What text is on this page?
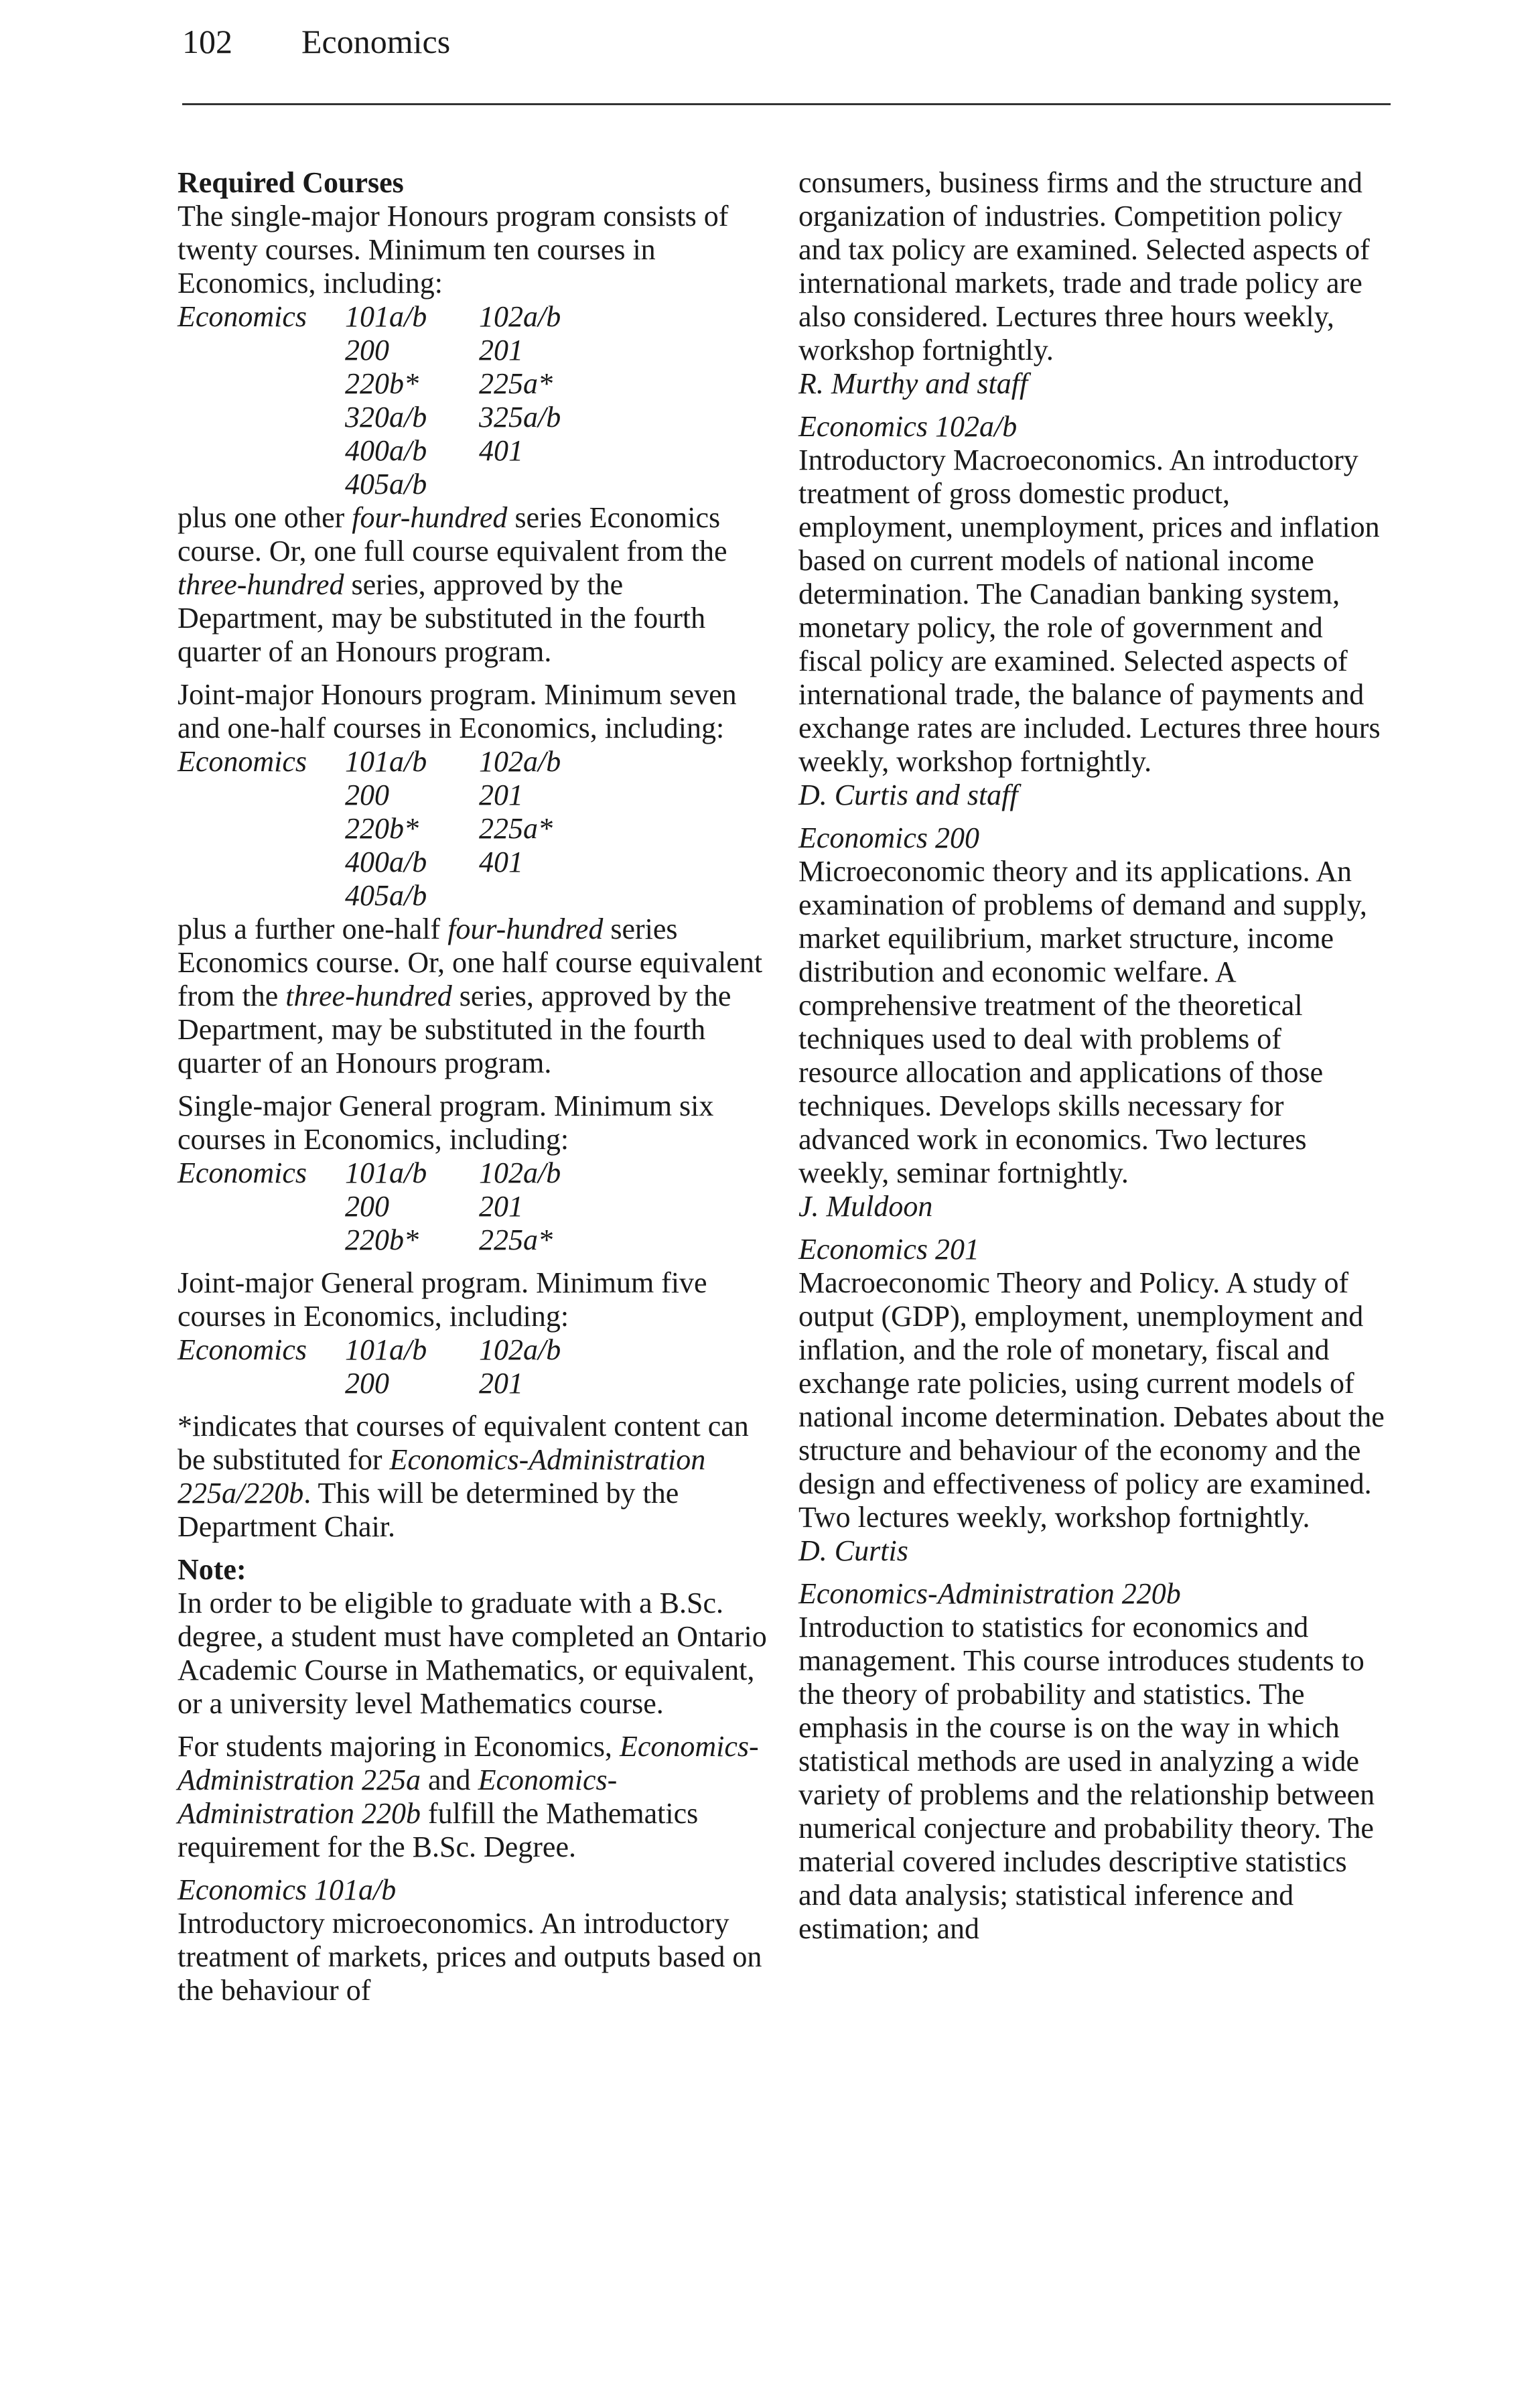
102 Economics
Required Courses

The single-major Honours program consists of twenty courses. Minimum ten courses in Economics, including:

Economics	101a/b	102a/b
	200	201
	220b*	225a*
	320a/b	325a/b
	400a/b	401
	405a/b	

plus one other four-hundred series Economics course. Or, one full course equivalent from the three-hundred series, approved by the Department, may be substituted in the fourth quarter of an Honours program.

Joint-major Honours program. Minimum seven and one-half courses in Economics, including:

Economics	101a/b	102a/b
	200	201
	220b*	225a*
	400a/b	401
	405a/b	

plus a further one-half four-hundred series Economics course. Or, one half course equivalent from the three-hundred series, approved by the Department, may be substituted in the fourth quarter of an Honours program.

Single-major General program. Minimum six courses in Economics, including:

Economics	101a/b	102a/b
	200	201
	220b*	225a*

Joint-major General program. Minimum five courses in Economics, including:

Economics	101a/b	102a/b
	200	201

*indicates that courses of equivalent content can be substituted for Economics-Administration 225a/220b. This will be determined by the Department Chair.

Note:

In order to be eligible to graduate with a B.Sc. degree, a student must have completed an Ontario Academic Course in Mathematics, or equivalent, or a university level Mathematics course.

For students majoring in Economics, Economics-Administration 225a and Economics-Administration 220b fulfill the Mathematics requirement for the B.Sc. Degree.

Economics 101a/b

Introductory microeconomics. An introductory treatment of markets, prices and outputs based on the behaviour of

consumers, business firms and the structure and organization of industries. Competition policy and tax policy are examined. Selected aspects of international markets, trade and trade policy are also considered. Lectures three hours weekly, workshop fortnightly.

R. Murthy and staff
Economics 102a/b

Introductory Macroeconomics. An introductory treatment of gross domestic product, employment, unemployment, prices and inflation based on current models of national income determination. The Canadian banking system, monetary policy, the role of government and fiscal policy are examined. Selected aspects of international trade, the balance of payments and exchange rates are included. Lectures three hours weekly, workshop fortnightly.

D. Curtis and staff
Economics 200

Microeconomic theory and its applications. An examination of problems of demand and supply, market equilibrium, market structure, income distribution and economic welfare. A comprehensive treatment of the theoretical techniques used to deal with problems of resource allocation and applications of those techniques. Develops skills necessary for advanced work in economics. Two lectures weekly, seminar fortnightly.

J. Muldoon
Economics 201

Macroeconomic Theory and Policy. A study of output (GDP), employment, unemployment and inflation, and the role of monetary, fiscal and exchange rate policies, using current models of national income determination. Debates about the structure and behaviour of the economy and the design and effectiveness of policy are examined. Two lectures weekly, workshop fortnightly.

D. Curtis
Economics-Administration 220b

Introduction to statistics for economics and management. This course introduces students to the theory of probability and statistics. The emphasis in the course is on the way in which statistical methods are used in analyzing a wide variety of problems and the relationship between numerical conjecture and probability theory. The material covered includes descriptive statistics and data analysis; statistical inference and estimation; and
